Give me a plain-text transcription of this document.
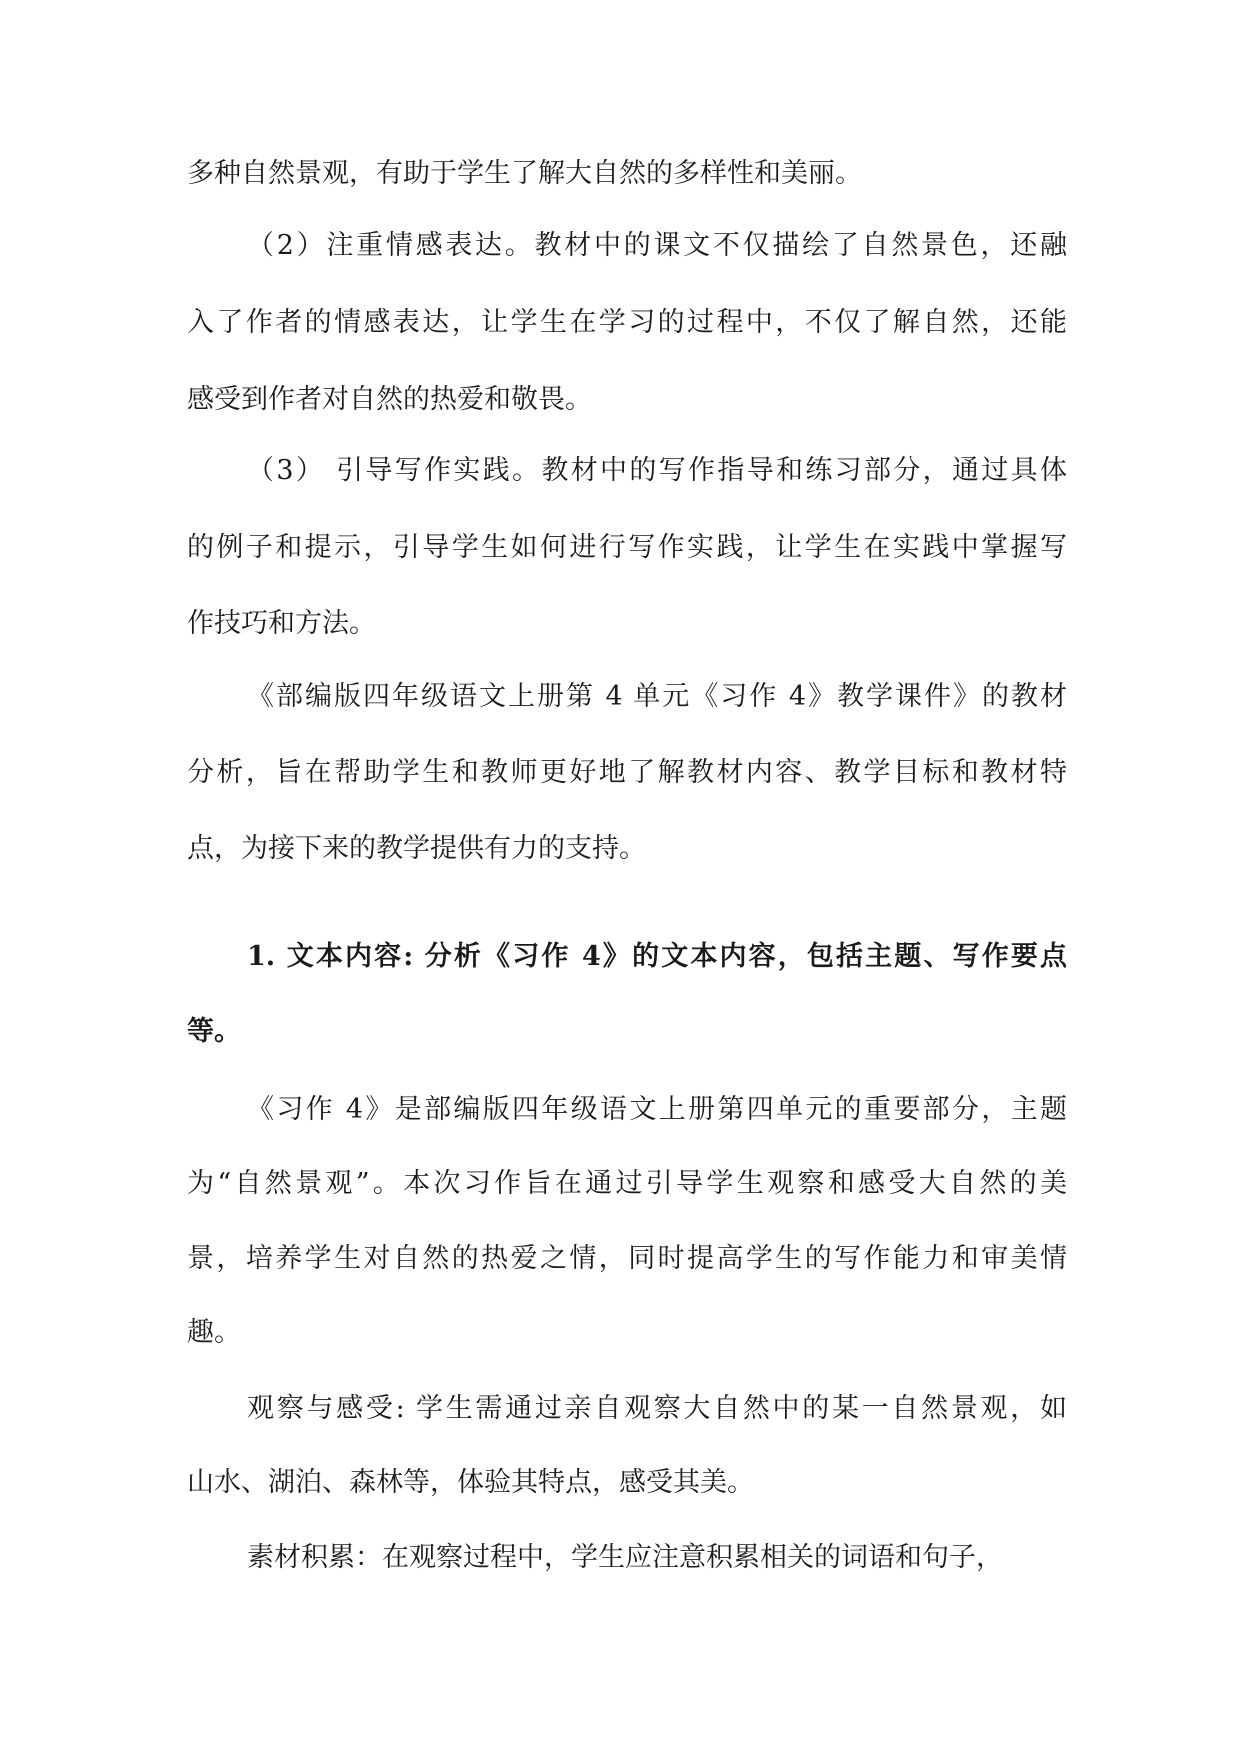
多种自然景观，有助于学生了解大自然的多样性和美丽。
（2）注重情感表达。教材中的课文不仅描绘了自然景色，还融
入了作者的情感表达，让学生在学习的过程中，不仅了解自然，还能
感受到作者对自然的热爱和敬畏。
（3） 引导写作实践。教材中的写作指导和练习部分，通过具体
的例子和提示，引导学生如何进行写作实践，让学生在实践中掌握写
作技巧和方法。
《部编版四年级语文上册第 4 单元《习作 4》教学课件》的教材
分析，旨在帮助学生和教师更好地了解教材内容、教学目标和教材特
点，为接下来的教学提供有力的支持。
1. 文本内容: 分析《习作 4》的文本内容，包括主题、写作要点
等。
《习作 4》是部编版四年级语文上册第四单元的重要部分，主题
为“自然景观”。本次习作旨在通过引导学生观察和感受大自然的美
景，培养学生对自然的热爱之情，同时提高学生的写作能力和审美情
趣。
观察与感受: 学生需通过亲自观察大自然中的某一自然景观，如
山水、湖泊、森林等，体验其特点，感受其美。
素材积累：在观察过程中，学生应注意积累相关的词语和句子，
